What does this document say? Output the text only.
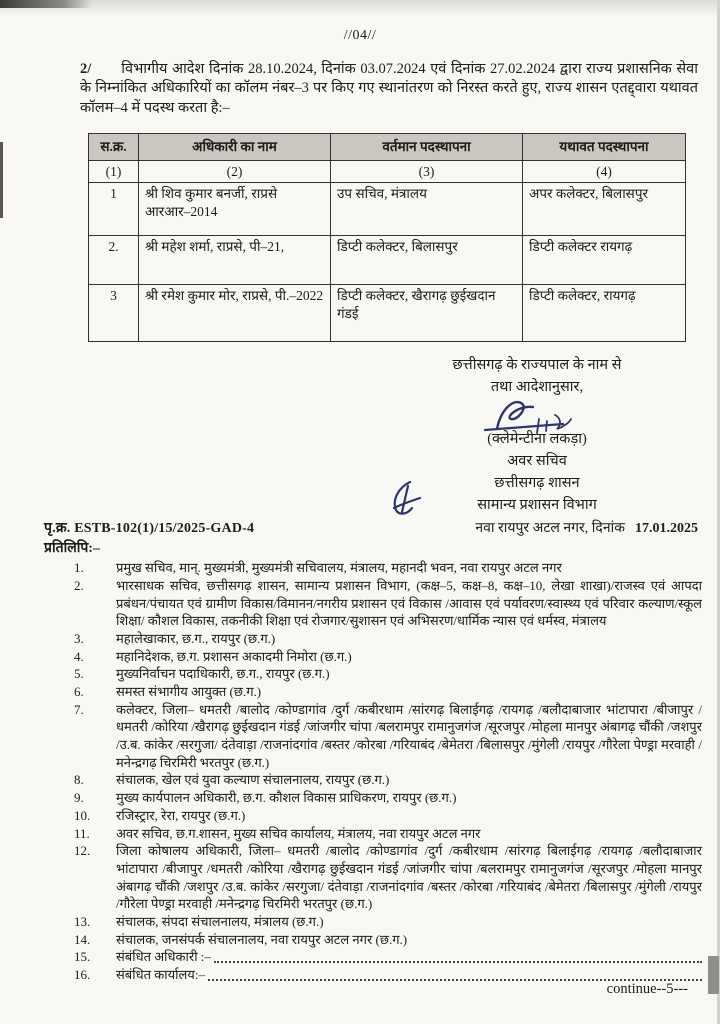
//04//

2/ विभागीय आदेश दिनांक 28.10.2024, दिनांक 03.07.2024 एवं दिनांक 27.02.2024 द्वारा राज्य प्रशासनिक सेवा के निम्नांकित अधिकारियों का कॉलम नंबर–3 पर किए गए स्थानांतरण को निरस्त करते हुए, राज्य शासन एतद्द्वारा यथावत कॉलम–4 में पदस्थ करता है:–

स.क्र.	अधिकारी का नाम	वर्तमान पदस्थापना	यथावत पदस्थापना
(1)	(2)	(3)	(4)
1	श्री शिव कुमार बनर्जी, राप्रसे आरआर–2014	उप सचिव, मंत्रालय	अपर कलेक्टर, बिलासपुर
2.	श्री महेश शर्मा, राप्रसे, पी–21,	डिप्टी कलेक्टर, बिलासपुर	डिप्टी कलेक्टर रायगढ़
3	श्री रमेश कुमार मोर, राप्रसे, पी.–2022	डिप्टी कलेक्टर, खैरागढ़ छुईखदान गंडई	डिप्टी कलेक्टर, रायगढ़
छत्तीसगढ़ के राज्यपाल के नाम से
तथा आदेशानुसार,
(क्लेमेन्टीना लकड़ा)
अवर सचिव
छत्तीसगढ़ शासन
सामान्य प्रशासन विभाग
पृ.क्र. ESTB-102(1)/15/2025-GAD-4	नवा रायपुर अटल नगर, दिनांक 17.01.2025
प्रतिलिपि:–
1.	प्रमुख सचिव, मान्. मुख्यमंत्री, मुख्यमंत्री सचिवालय, मंत्रालय, महानदी भवन, नवा रायपुर अटल नगर
2.	भारसाधक सचिव, छत्तीसगढ़ शासन, सामान्य प्रशासन विभाग, (कक्ष–5, कक्ष–8, कक्ष–10, लेखा शाखा)/राजस्व एवं आपदा प्रबंधन/पंचायत एवं ग्रामीण विकास/विमानन/नगरीय प्रशासन एवं विकास /आवास एवं पर्यावरण/स्वास्थ्य एवं परिवार कल्याण/स्कूल शिक्षा/ कौशल विकास, तकनीकी शिक्षा एवं रोजगार/सुशासन एवं अभिसरण/धार्मिक न्यास एवं धर्मस्व, मंत्रालय
3.	महालेखाकार, छ.ग., रायपुर (छ.ग.)
4.	महानिदेशक, छ.ग. प्रशासन अकादमी निमोरा (छ.ग.)
5.	मुख्यनिर्वाचन पदाधिकारी, छ.ग., रायपुर (छ.ग.)
6.	समस्त संभागीय आयुक्त (छ.ग.)
7.	कलेक्टर, जिला– धमतरी /बालोद /कोण्डागांव /दुर्ग /कबीरधाम /सांरगढ़ बिलाईगढ़ /रायगढ़ /बलौदाबाजार भांटापारा /बीजापुर /धमतरी /कोरिया /खैरागढ़ छुईखदान गंडई /जांजगीर चांपा /बलरामपुर रामानुजगंज /सूरजपुर /मोहला मानपुर अंबागढ़ चौंकी /जशपुर /उ.ब. कांकेर /सरगुजा/ दंतेवाड़ा /राजनांदगांव /बस्तर /कोरबा /गरियाबंद /बेमेतरा /बिलासपुर /मुंगेली /रायपुर /गौरेला पेण्ड्रा मरवाही /मनेन्द्रगढ़ चिरमिरी भरतपुर (छ.ग.)
8.	संचालक, खेल एवं युवा कल्याण संचालनालय, रायपुर (छ.ग.)
9.	मुख्य कार्यपालन अधिकारी, छ.ग. कौशल विकास प्राधिकरण, रायपुर (छ.ग.)
10.	रजिस्ट्रार, रेरा, रायपुर (छ.ग.)
11.	अवर सचिव, छ.ग.शासन, मुख्य सचिव कार्यालय, मंत्रालय, नवा रायपुर अटल नगर
12.	जिला कोषालय अधिकारी, जिला– धमतरी /बालोद /कोण्डागांव /दुर्ग /कबीरधाम /सांरगढ़ बिलाईगढ़ /रायगढ़ /बलौदाबाजार भांटापारा /बीजापुर /धमतरी /कोरिया /खैरागढ़ छुईखदान गंडई /जांजगीर चांपा /बलरामपुर रामानुजगंज /सूरजपुर /मोहला मानपुर अंबागढ़ चौंकी /जशपुर /उ.ब. कांकेर /सरगुजा/ दंतेवाड़ा /राजनांदगांव /बस्तर /कोरबा /गरियाबंद /बेमेतरा /बिलासपुर /मुंगेली /रायपुर /गौरेला पेण्ड्रा मरवाही /मनेन्द्रगढ़ चिरमिरी भरतपुर (छ.ग.)
13.	संचालक, संपदा संचालनालय, मंत्रालय (छ.ग.)
14.	संचालक, जनसंपर्क संचालनालय, नवा रायपुर अटल नगर (छ.ग.)
15.	संबंधित अधिकारी :–
16.	संबंधित कार्यालय:–
continue--5---
